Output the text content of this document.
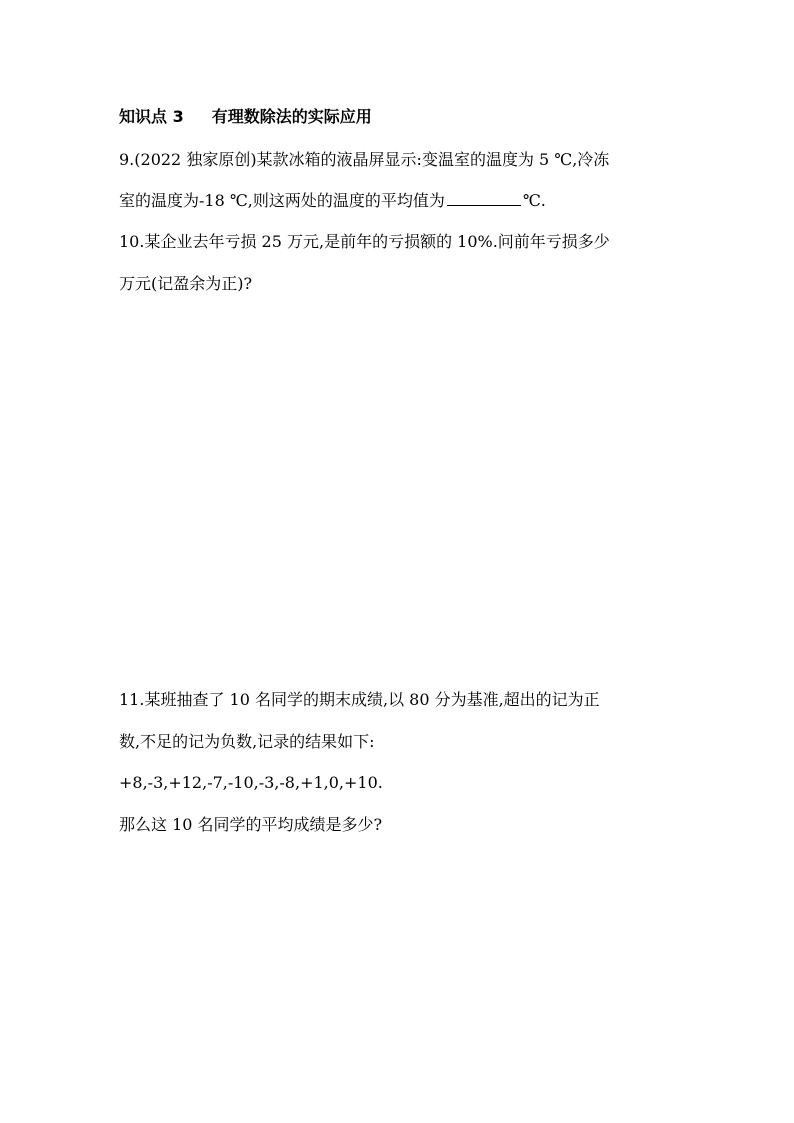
知识点 3 有理数除法的实际应用
9.(2022 独家原创)某款冰箱的液晶屏显示:变温室的温度为 5 ℃,冷冻
室的温度为-18 ℃,则这两处的温度的平均值为	℃.
10.某企业去年亏损 25 万元,是前年的亏损额的 10%.问前年亏损多少
万元(记盈余为正)?
11.某班抽查了 10 名同学的期末成绩,以 80 分为基准,超出的记为正
数,不足的记为负数,记录的结果如下:
+8,-3,+12,-7,-10,-3,-8,+1,0,+10.
那么这 10 名同学的平均成绩是多少?
